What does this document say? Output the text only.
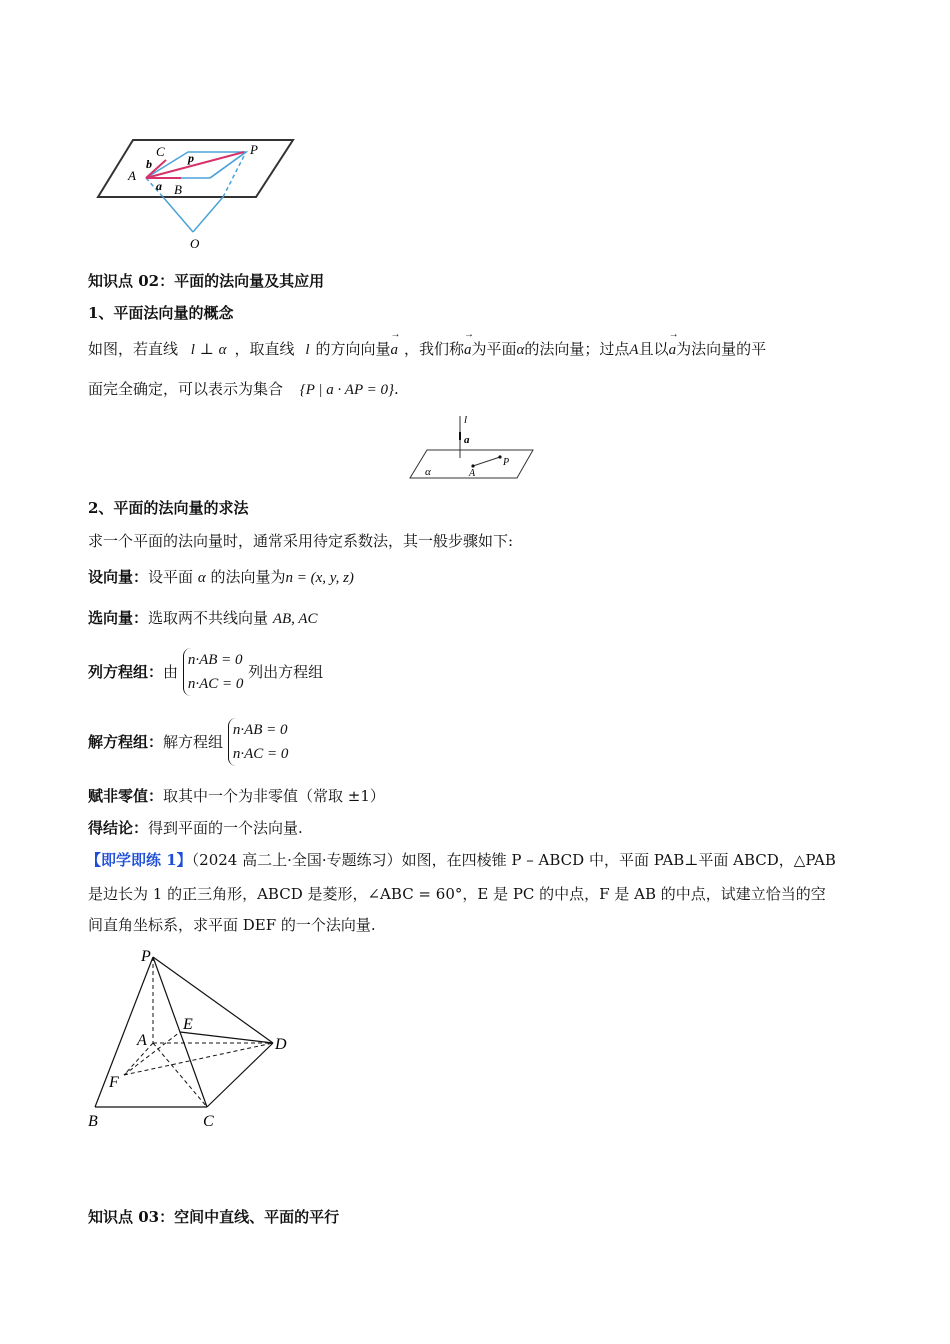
C
b	p
P
A
a B
O
知识点 02：平面的法向量及其应用
1、平面法向量的概念
如图，若直线 l ⊥ α ，取直线 l 的方向向量
→
a ，我们称
→
a为平面α的法向量；过点A且以
→
a为法向量的平
面完全确定，可以表示为集合 {P | a · AP = 0}.
l
a
α	A
P
2、平面的法向量的求法
求一个平面的法向量时，通常采用待定系数法，其一般步骤如下:
设向量：设平面 α 的法向量为n = (x, y, z)
选向量：选取两不共线向量 AB, AC
列方程组：由 n·AB = 0
n·AC = 0 列出方程组
解方程组：解方程组 n·AB = 0
n·AC = 0
赋非零值：取其中一个为非零值（常取 ±1）
得结论：得到平面的一个法向量.
【即学即练 1】（2024 高二上·全国·专题练习）如图，在四棱锥 P – ABCD 中，平面 PAB⊥平面 ABCD，△PAB
是边长为 1 的正三角形，ABCD 是菱形，∠ABC = 60°，E 是 PC 的中点，F 是 AB 的中点，试建立恰当的空
间直角坐标系，求平面 DEF 的一个法向量.
P
A
E
D
F
B	C
知识点 03：空间中直线、平面的平行
